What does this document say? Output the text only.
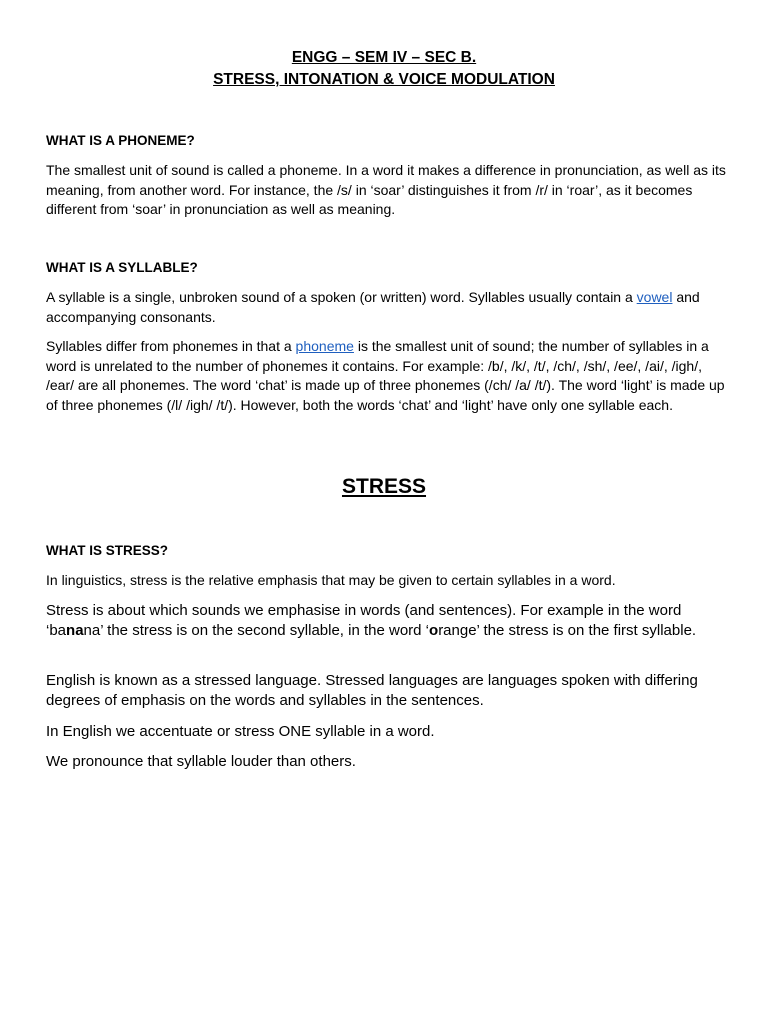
ENGG – SEM IV – SEC B.

STRESS, INTONATION & VOICE MODULATION

WHAT IS A PHONEME?

The smallest unit of sound is called a phoneme. In a word it makes a difference in pronunciation, as well as its meaning, from another word. For instance, the /s/ in ‘soar’ distinguishes it from /r/ in ‘roar’, as it becomes different from ‘soar’ in pronunciation as well as meaning.

WHAT IS A SYLLABLE?

A syllable is a single, unbroken sound of a spoken (or written) word. Syllables usually contain a vowel and accompanying consonants.

Syllables differ from phonemes in that a phoneme is the smallest unit of sound; the number of syllables in a word is unrelated to the number of phonemes it contains. For example: /b/, /k/, /t/, /ch/, /sh/, /ee/, /ai/, /igh/, /ear/ are all phonemes. The word ‘chat’ is made up of three phonemes (/ch/ /a/ /t/). The word ‘light’ is made up of three phonemes (/l/ /igh/ /t/). However, both the words ‘chat’ and ‘light’ have only one syllable each.

STRESS

WHAT IS STRESS?

In linguistics, stress is the relative emphasis that may be given to certain syllables in a word.

Stress is about which sounds we emphasise in words (and sentences). For example in the word ‘banana’ the stress is on the second syllable, in the word ‘orange’ the stress is on the first syllable.

English is known as a stressed language. Stressed languages are languages spoken with differing degrees of emphasis on the words and syllables in the sentences.

In English we accentuate or stress ONE syllable in a word.

We pronounce that syllable louder than others.
